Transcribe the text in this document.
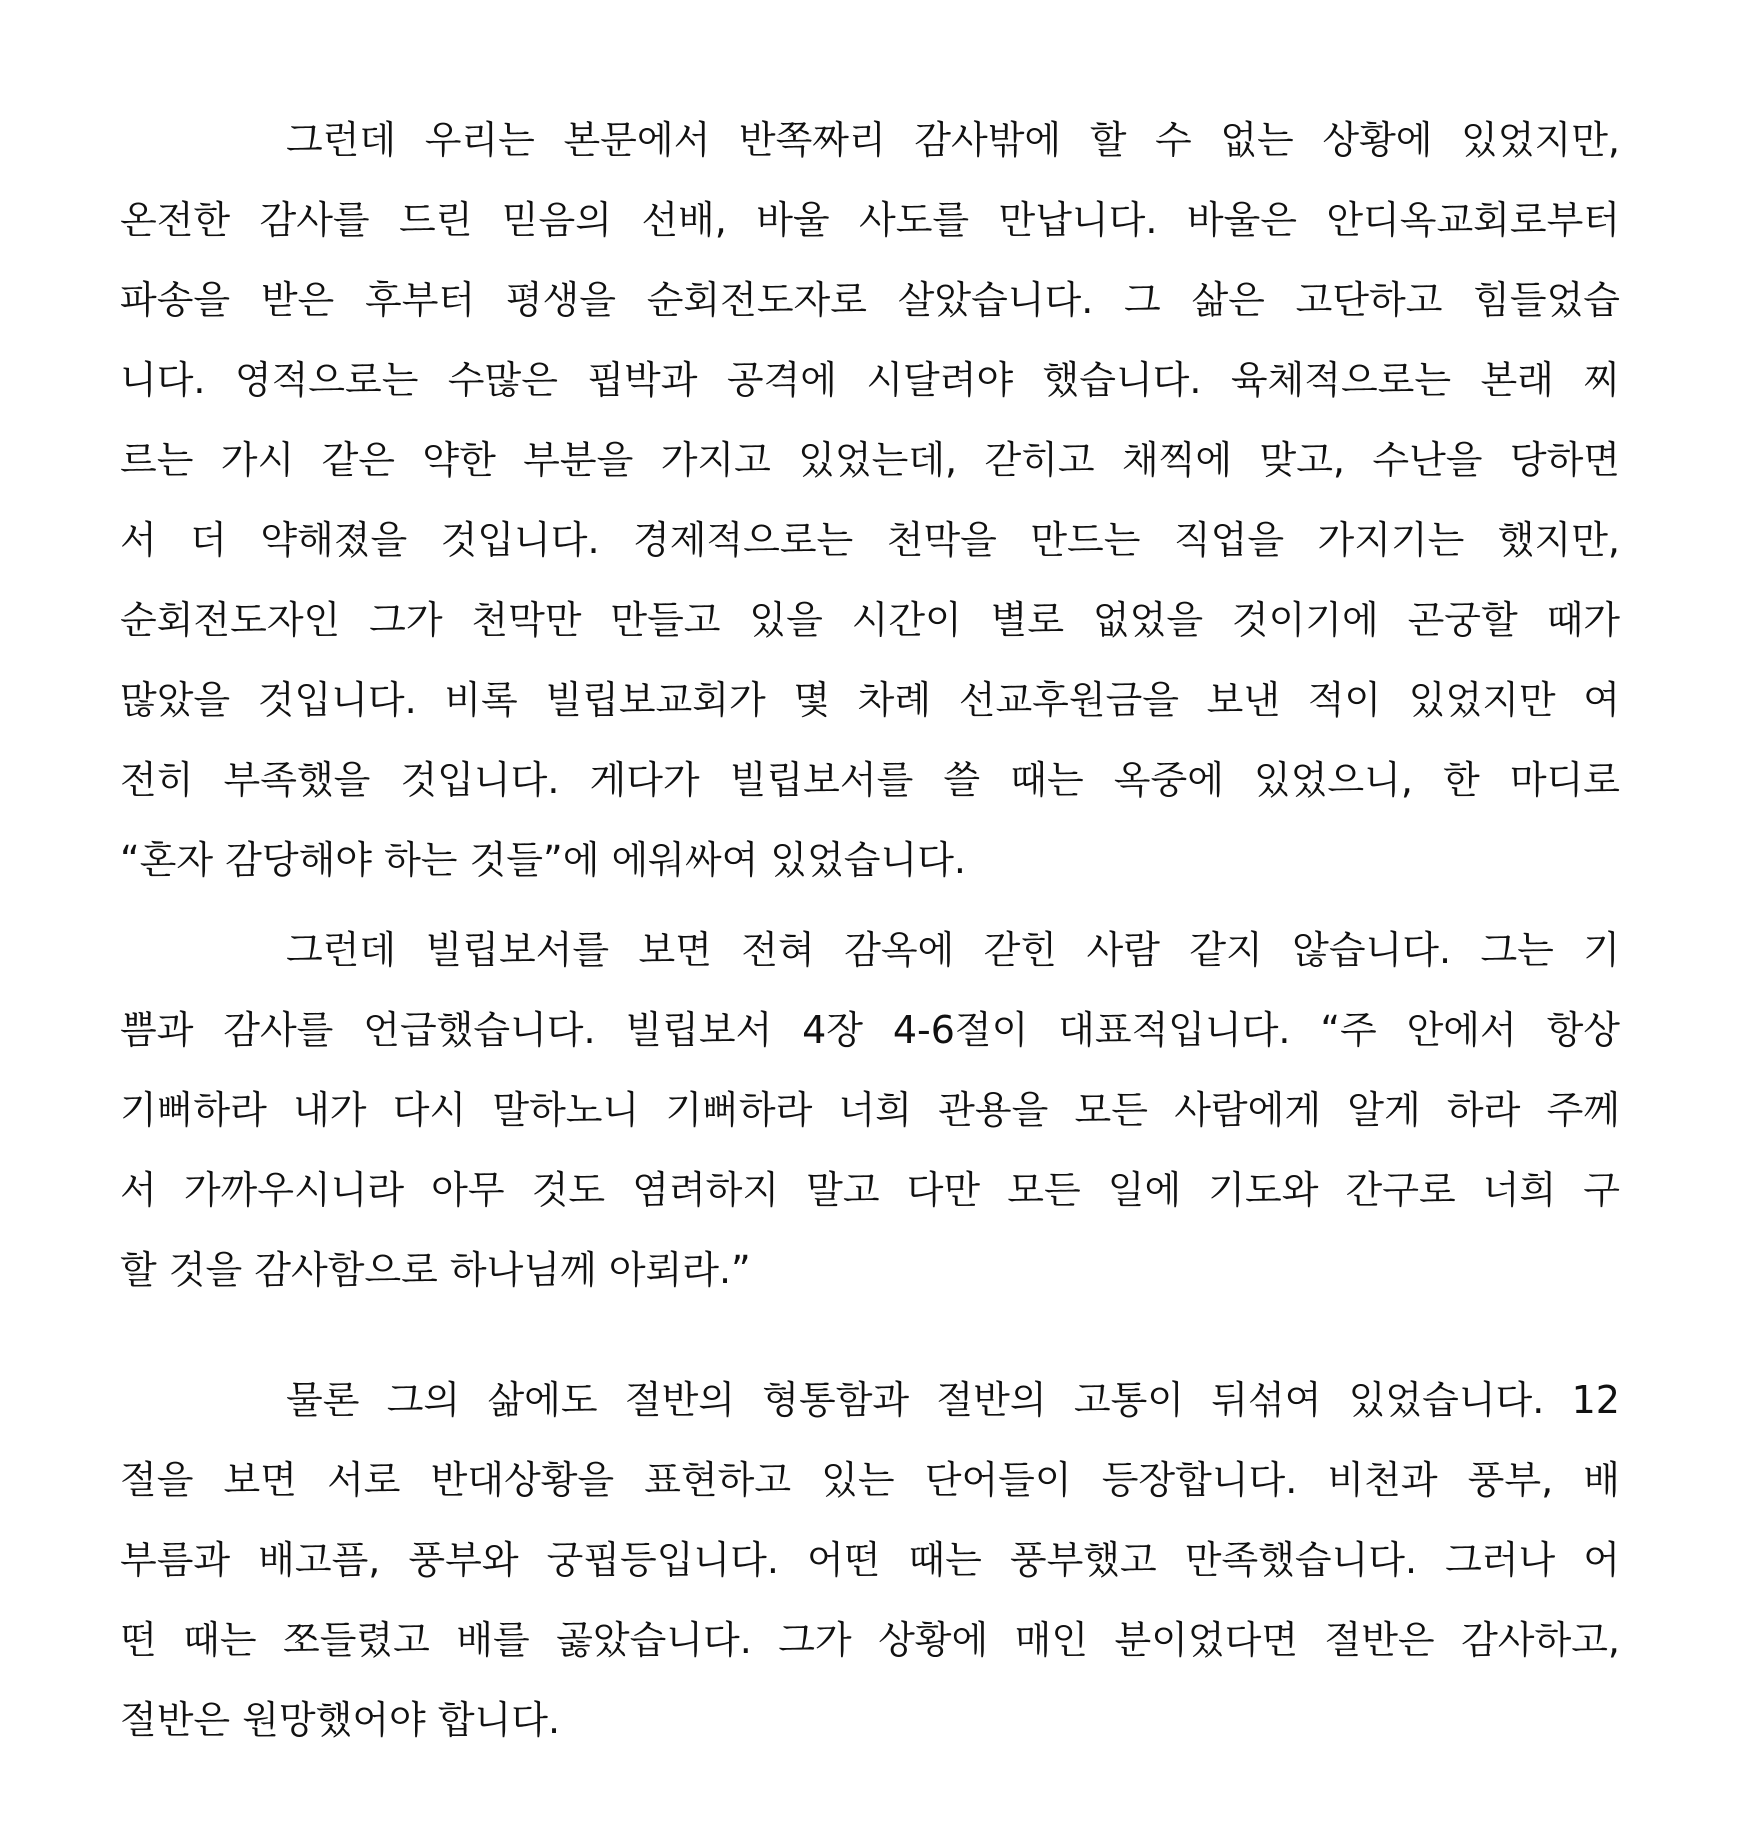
그런데 우리는 본문에서 반쪽짜리 감사밖에 할 수 없는 상황에 있었지만,
온전한 감사를 드린 믿음의 선배, 바울 사도를 만납니다. 바울은 안디옥교회로부터
파송을 받은 후부터 평생을 순회전도자로 살았습니다. 그 삶은 고단하고 힘들었습
니다. 영적으로는 수많은 핍박과 공격에 시달려야 했습니다. 육체적으로는 본래 찌
르는 가시 같은 약한 부분을 가지고 있었는데, 갇히고 채찍에 맞고, 수난을 당하면
서 더 약해졌을 것입니다. 경제적으로는 천막을 만드는 직업을 가지기는 했지만,
순회전도자인 그가 천막만 만들고 있을 시간이 별로 없었을 것이기에 곤궁할 때가
많았을 것입니다. 비록 빌립보교회가 몇 차례 선교후원금을 보낸 적이 있었지만 여
전히 부족했을 것입니다. 게다가 빌립보서를 쓸 때는 옥중에 있었으니, 한 마디로
“혼자 감당해야 하는 것들”에 에워싸여 있었습니다.
그런데 빌립보서를 보면 전혀 감옥에 갇힌 사람 같지 않습니다. 그는 기
쁨과 감사를 언급했습니다. 빌립보서 4장 4-6절이 대표적입니다. “주 안에서 항상
기뻐하라 내가 다시 말하노니 기뻐하라 너희 관용을 모든 사람에게 알게 하라 주께
서 가까우시니라 아무 것도 염려하지 말고 다만 모든 일에 기도와 간구로 너희 구
할 것을 감사함으로 하나님께 아뢰라.”
물론 그의 삶에도 절반의 형통함과 절반의 고통이 뒤섞여 있었습니다. 12
절을 보면 서로 반대상황을 표현하고 있는 단어들이 등장합니다. 비천과 풍부, 배
부름과 배고픔, 풍부와 궁핍등입니다. 어떤 때는 풍부했고 만족했습니다. 그러나 어
떤 때는 쪼들렸고 배를 곯았습니다. 그가 상황에 매인 분이었다면 절반은 감사하고,
절반은 원망했어야 합니다.
